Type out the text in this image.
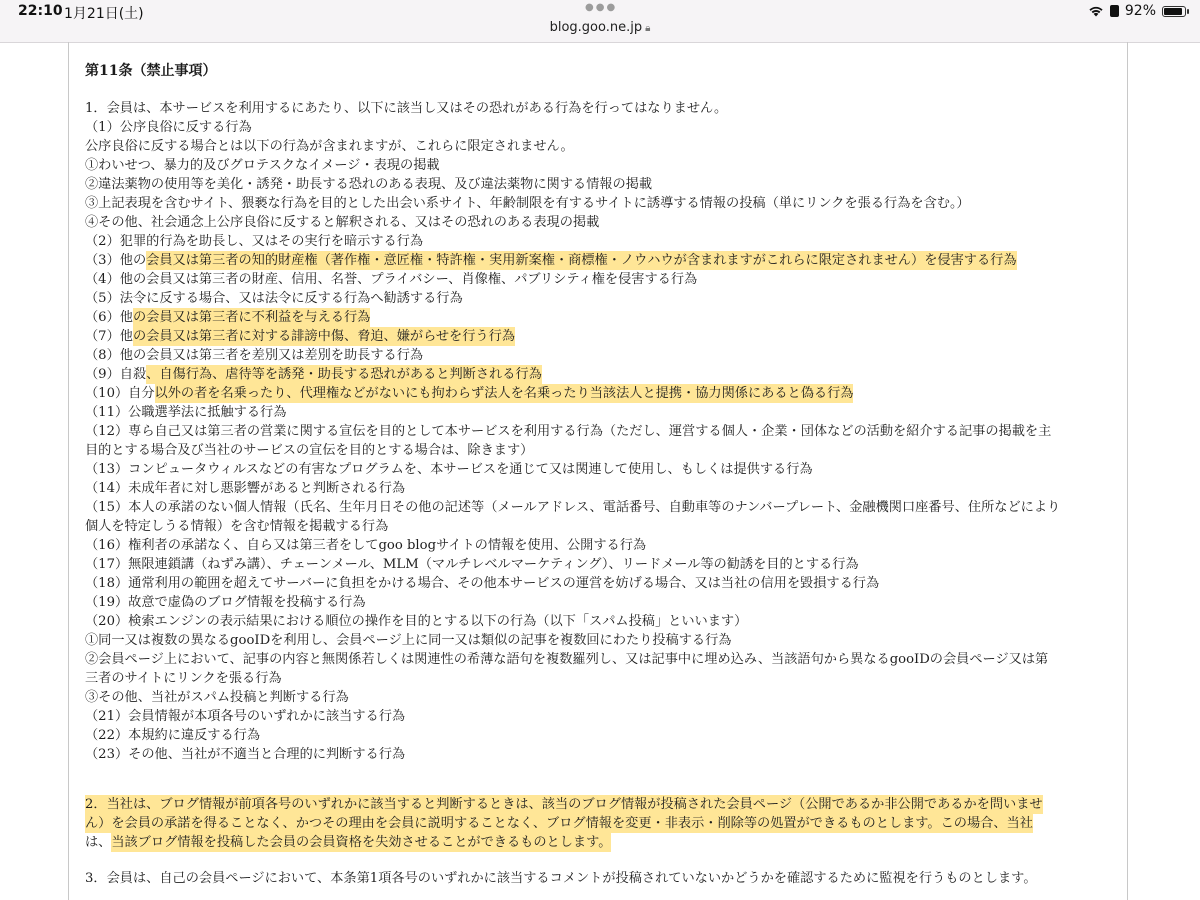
22:10 1月21日(土)	●●●
blog.goo.ne.jp 🔒︎
92%
第11条（禁止事項）
1．会員は、本サービスを利用するにあたり、以下に該当し又はその恐れがある行為を行ってはなりません。
（1）公序良俗に反する行為
公序良俗に反する場合とは以下の行為が含まれますが、これらに限定されません。
①わいせつ、暴力的及びグロテスクなイメージ・表現の掲載
②違法薬物の使用等を美化・誘発・助長する恐れのある表現、及び違法薬物に関する情報の掲載
③上記表現を含むサイト、猥褻な行為を目的とした出会い系サイト、年齢制限を有するサイトに誘導する情報の投稿（単にリンクを張る行為を含む。）
④その他、社会通念上公序良俗に反すると解釈される、又はその恐れのある表現の掲載
（2）犯罪的行為を助長し、又はその実行を暗示する行為
（3）他の会員又は第三者の知的財産権（著作権・意匠権・特許権・実用新案権・商標権・ノウハウが含まれますがこれらに限定されません）を侵害する行為
（4）他の会員又は第三者の財産、信用、名誉、プライバシー、肖像権、パブリシティ権を侵害する行為
（5）法令に反する場合、又は法令に反する行為へ勧誘する行為
（6）他の会員又は第三者に不利益を与える行為
（7）他の会員又は第三者に対する誹謗中傷、脅迫、嫌がらせを行う行為
（8）他の会員又は第三者を差別又は差別を助長する行為
（9）自殺、自傷行為、虐待等を誘発・助長する恐れがあると判断される行為
（10）自分以外の者を名乗ったり、代理権などがないにも拘わらず法人を名乗ったり当該法人と提携・協力関係にあると偽る行為
（11）公職選挙法に抵触する行為
（12）専ら自己又は第三者の営業に関する宣伝を目的として本サービスを利用する行為（ただし、運営する個人・企業・団体などの活動を紹介する記事の掲載を主
目的とする場合及び当社のサービスの宣伝を目的とする場合は、除きます）
（13）コンピュータウィルスなどの有害なプログラムを、本サービスを通じて又は関連して使用し、もしくは提供する行為
（14）未成年者に対し悪影響があると判断される行為
（15）本人の承諾のない個人情報（氏名、生年月日その他の記述等（メールアドレス、電話番号、自動車等のナンバープレート、金融機関口座番号、住所などにより
個人を特定しうる情報）を含む情報を掲載する行為
（16）権利者の承諾なく、自ら又は第三者をしてgoo blogサイトの情報を使用、公開する行為
（17）無限連鎖講（ねずみ講）、チェーンメール、MLM（マルチレベルマーケティング）、リードメール等の勧誘を目的とする行為
（18）通常利用の範囲を超えてサーバーに負担をかける場合、その他本サービスの運営を妨げる場合、又は当社の信用を毀損する行為
（19）故意で虚偽のブログ情報を投稿する行為
（20）検索エンジンの表示結果における順位の操作を目的とする以下の行為（以下「スパム投稿」といいます）
①同一又は複数の異なるgooIDを利用し、会員ページ上に同一又は類似の記事を複数回にわたり投稿する行為
②会員ページ上において、記事の内容と無関係若しくは関連性の希薄な語句を複数羅列し、又は記事中に埋め込み、当該語句から異なるgooIDの会員ページ又は第
三者のサイトにリンクを張る行為
③その他、当社がスパム投稿と判断する行為
（21）会員情報が本項各号のいずれかに該当する行為
（22）本規約に違反する行為
（23）その他、当社が不適当と合理的に判断する行為
2．当社は、ブログ情報が前項各号のいずれかに該当すると判断するときは、該当のブログ情報が投稿された会員ページ（公開であるか非公開であるかを問いませ
ん）を会員の承諾を得ることなく、かつその理由を会員に説明することなく、ブログ情報を変更・非表示・削除等の処置ができるものとします。この場合、当社
は、当該ブログ情報を投稿した会員の会員資格を失効させることができるものとします。
3．会員は、自己の会員ページにおいて、本条第1項各号のいずれかに該当するコメントが投稿されていないかどうかを確認するために監視を行うものとします。
